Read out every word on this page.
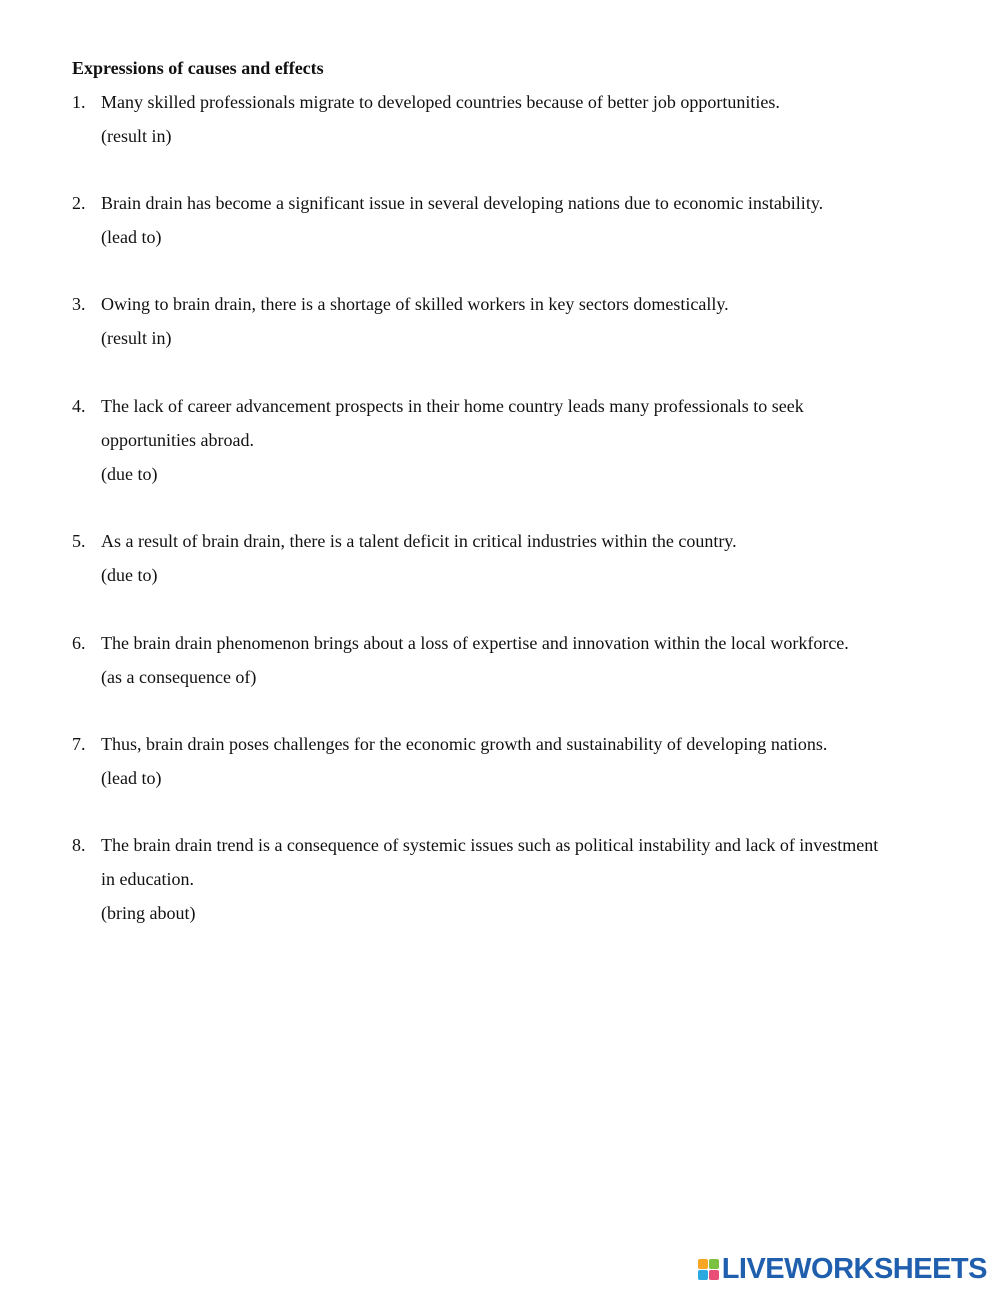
Expressions of causes and effects
1. Many skilled professionals migrate to developed countries because of better job opportunities.
(result in)
2. Brain drain has become a significant issue in several developing nations due to economic instability.
(lead to)
3. Owing to brain drain, there is a shortage of skilled workers in key sectors domestically.
(result in)
4. The lack of career advancement prospects in their home country leads many professionals to seek opportunities abroad.
(due to)
5. As a result of brain drain, there is a talent deficit in critical industries within the country.
(due to)
6. The brain drain phenomenon brings about a loss of expertise and innovation within the local workforce.
(as a consequence of)
7. Thus, brain drain poses challenges for the economic growth and sustainability of developing nations.
(lead to)
8. The brain drain trend is a consequence of systemic issues such as political instability and lack of investment in education.
(bring about)
LIVEWORKSHEETS
